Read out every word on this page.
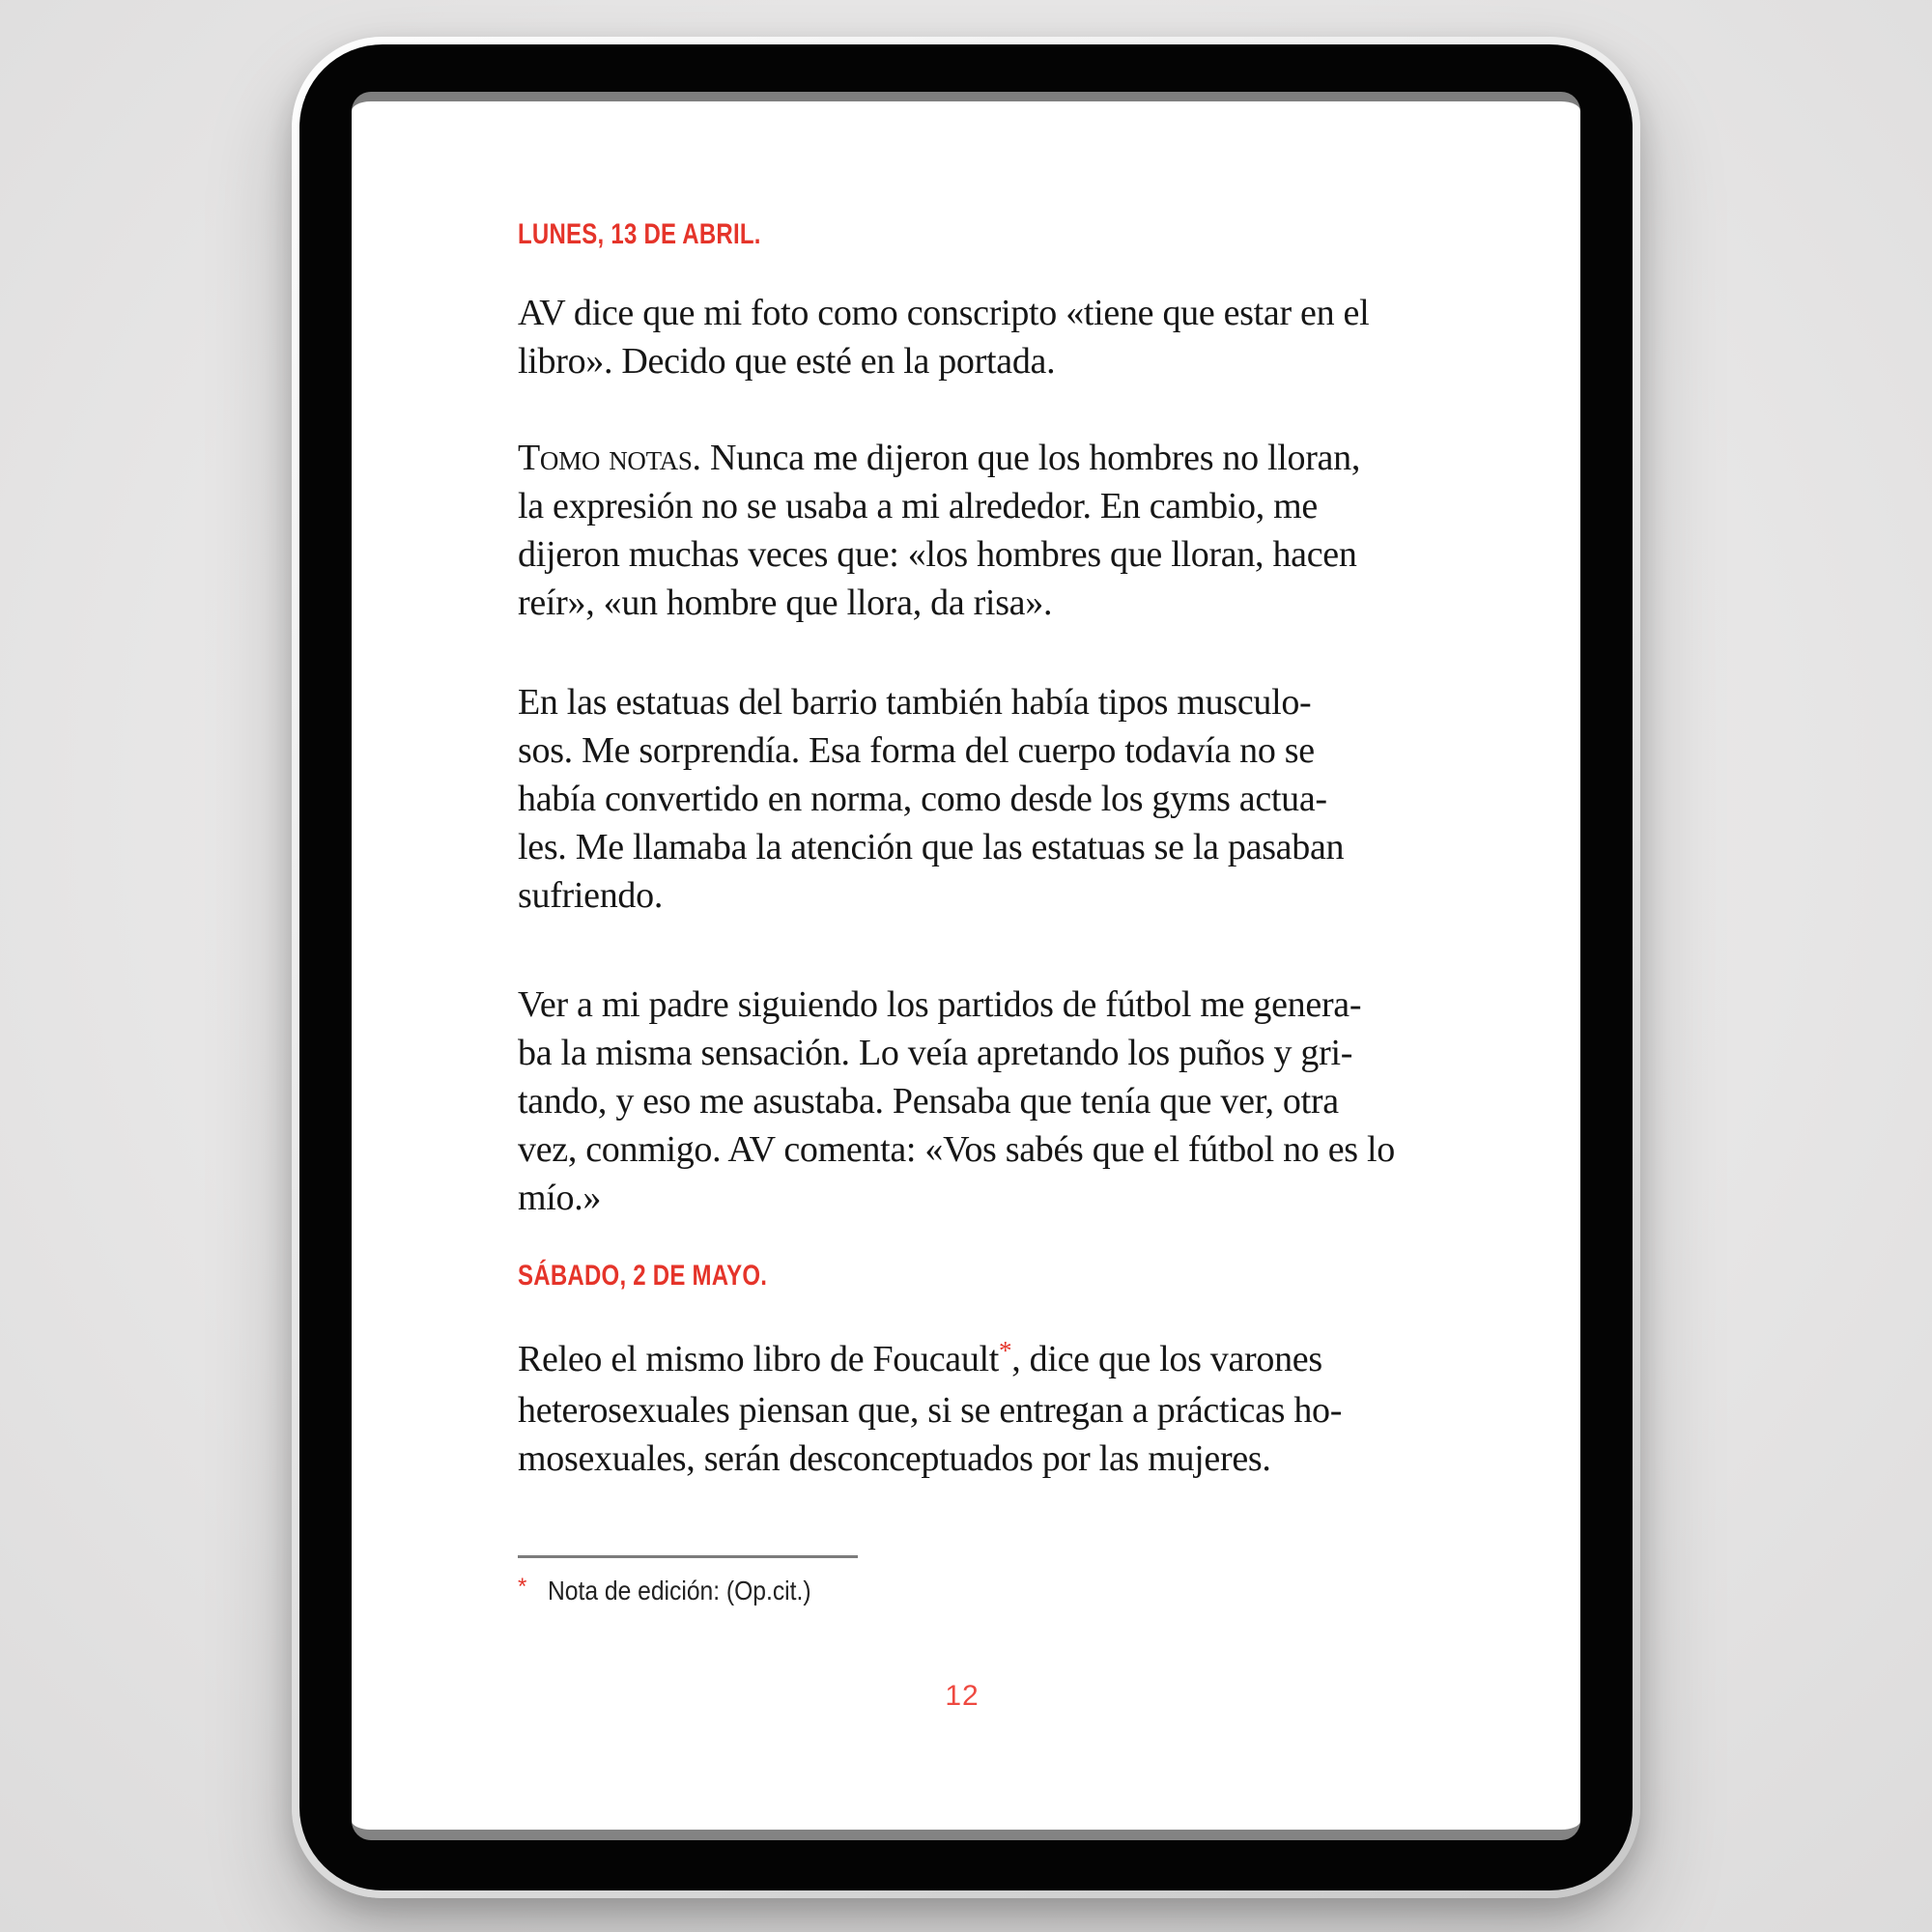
LUNES, 13 DE ABRIL.
AV dice que mi foto como conscripto «tiene que estar en el
libro». Decido que esté en la portada.
Tomo notas. Nunca me dijeron que los hombres no lloran,
la expresión no se usaba a mi alrededor. En cambio, me
dijeron muchas veces que: «los hombres que lloran, hacen
reír», «un hombre que llora, da risa».
En las estatuas del barrio también había tipos musculo-
sos. Me sorprendía. Esa forma del cuerpo todavía no se
había convertido en norma, como desde los gyms actua-
les. Me llamaba la atención que las estatuas se la pasaban
sufriendo.
Ver a mi padre siguiendo los partidos de fútbol me genera-
ba la misma sensación. Lo veía apretando los puños y gri-
tando, y eso me asustaba. Pensaba que tenía que ver, otra
vez, conmigo. AV comenta: «Vos sabés que el fútbol no es lo
mío.»
SÁBADO, 2 DE MAYO.
Releo el mismo libro de Foucault*, dice que los varones
heterosexuales piensan que, si se entregan a prácticas ho-
mosexuales, serán desconceptuados por las mujeres.
* Nota de edición: (Op.cit.)
12
